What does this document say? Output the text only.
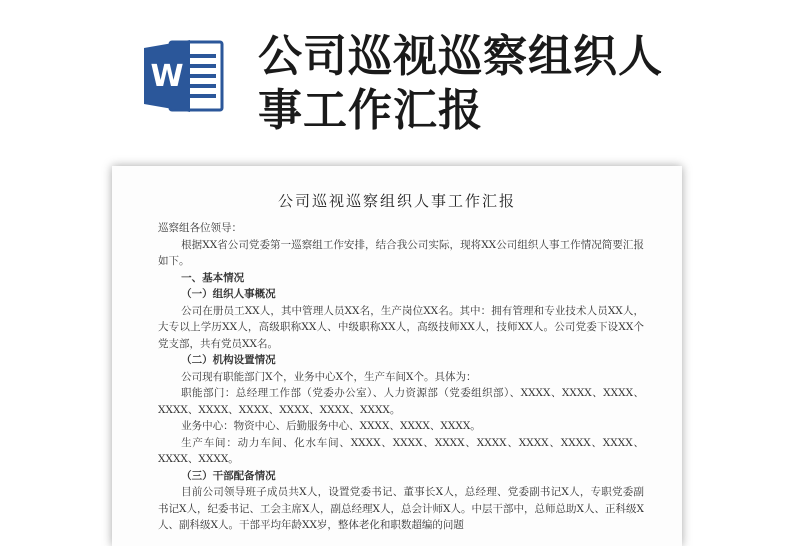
W 公司巡视巡察组织人
事工作汇报
公司巡视巡察组织人事工作汇报

巡察组各位领导：

根据XX省公司党委第一巡察组工作安排，结合我公司实际，现将XX公司组织人事工作情况简要汇报如下。

一、基本情况

（一）组织人事概况

公司在册员工XX人，其中管理人员XX名，生产岗位XX名。其中：拥有管理和专业技术人员XX人，大专以上学历XX人，高级职称XX人、中级职称XX人，高级技师XX人，技师XX人。公司党委下设XX个党支部，共有党员XX名。

（二）机构设置情况

公司现有职能部门X个，业务中心X个，生产车间X个。具体为：

职能部门：总经理工作部（党委办公室）、人力资源部（党委组织部）、XXXX、XXXX、XXXX、XXXX、XXXX、XXXX、XXXX、XXXX、XXXX。

业务中心：物资中心、后勤服务中心、XXXX、XXXX、XXXX。

生产车间：动力车间、化水车间、XXXX、XXXX、XXXX、XXXX、XXXX、XXXX、XXXX、XXXX、XXXX。

（三）干部配备情况

目前公司领导班子成员共X人，设置党委书记、董事长X人，总经理、党委副书记X人，专职党委副书记X人，纪委书记、工会主席X人，副总经理X人，总会计师X人。中层干部中，总师总助X人、正科级X人、副科级X人。干部平均年龄XX岁，整体老化和职数超编的问题
